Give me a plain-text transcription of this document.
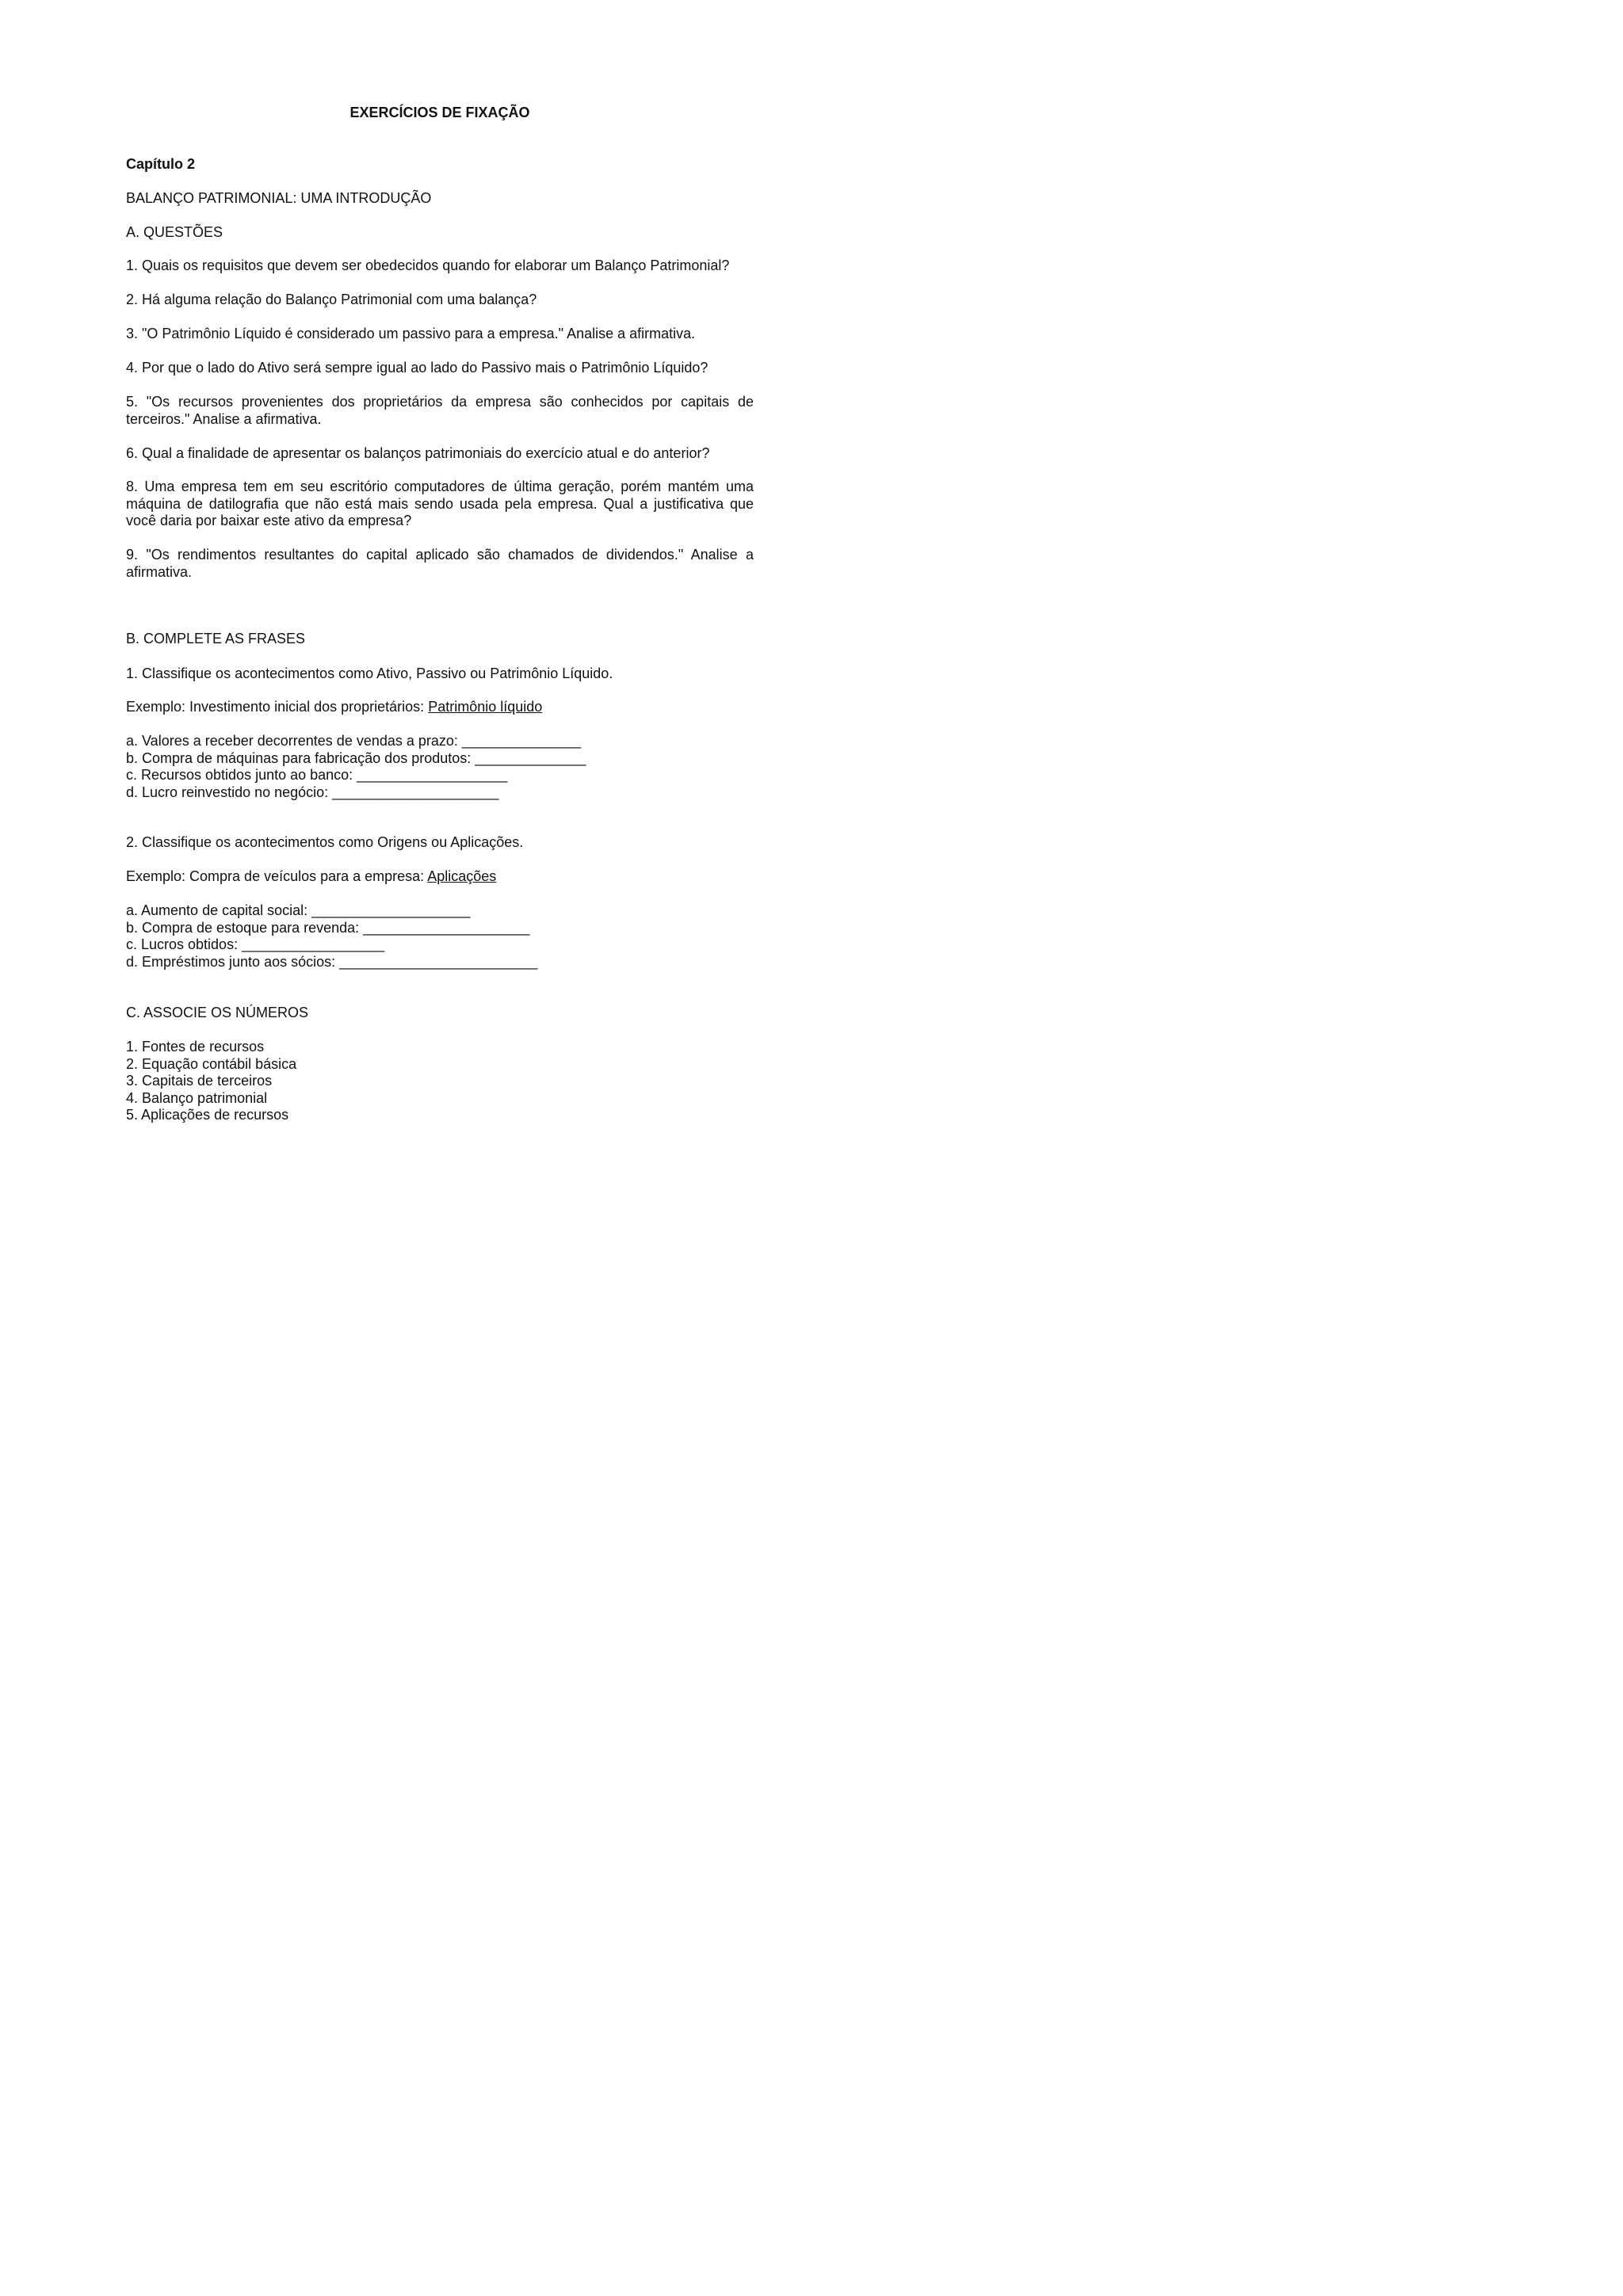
EXERCÍCIOS DE FIXAÇÃO
Capítulo 2
BALANÇO PATRIMONIAL: UMA INTRODUÇÃO
A. QUESTÕES
1. Quais os requisitos que devem ser obedecidos quando for elaborar um Balanço Patrimonial?
2. Há alguma relação do Balanço Patrimonial com uma balança?
3. "O Patrimônio Líquido é considerado um passivo para a empresa." Analise a afirmativa.
4. Por que o lado do Ativo será sempre igual ao lado do Passivo mais o Patrimônio Líquido?
5. "Os recursos provenientes dos proprietários da empresa são conhecidos por capitais de terceiros." Analise a afirmativa.
6. Qual a finalidade de apresentar os balanços patrimoniais do exercício atual e do anterior?
8. Uma empresa tem em seu escritório computadores de última geração, porém mantém uma máquina de datilografia que não está mais sendo usada pela empresa. Qual a justificativa que você daria por baixar este ativo da empresa?
9. "Os rendimentos resultantes do capital aplicado são chamados de dividendos." Analise a afirmativa.
B. COMPLETE AS FRASES
1. Classifique os acontecimentos como Ativo, Passivo ou Patrimônio Líquido.
Exemplo: Investimento inicial dos proprietários: Patrimônio líquido
a. Valores a receber decorrentes de vendas a prazo: _______________
b. Compra de máquinas para fabricação dos produtos: ______________
c. Recursos obtidos junto ao banco: ___________________
d. Lucro reinvestido no negócio: _____________________
2. Classifique os acontecimentos como Origens ou Aplicações.
Exemplo: Compra de veículos para a empresa: Aplicações
a. Aumento de capital social: ____________________
b. Compra de estoque para revenda: _____________________
c. Lucros obtidos: __________________
d. Empréstimos junto aos sócios: _________________________
C. ASSOCIE OS NÚMEROS
1. Fontes de recursos
2. Equação contábil básica
3. Capitais de terceiros
4. Balanço patrimonial
5. Aplicações de recursos
